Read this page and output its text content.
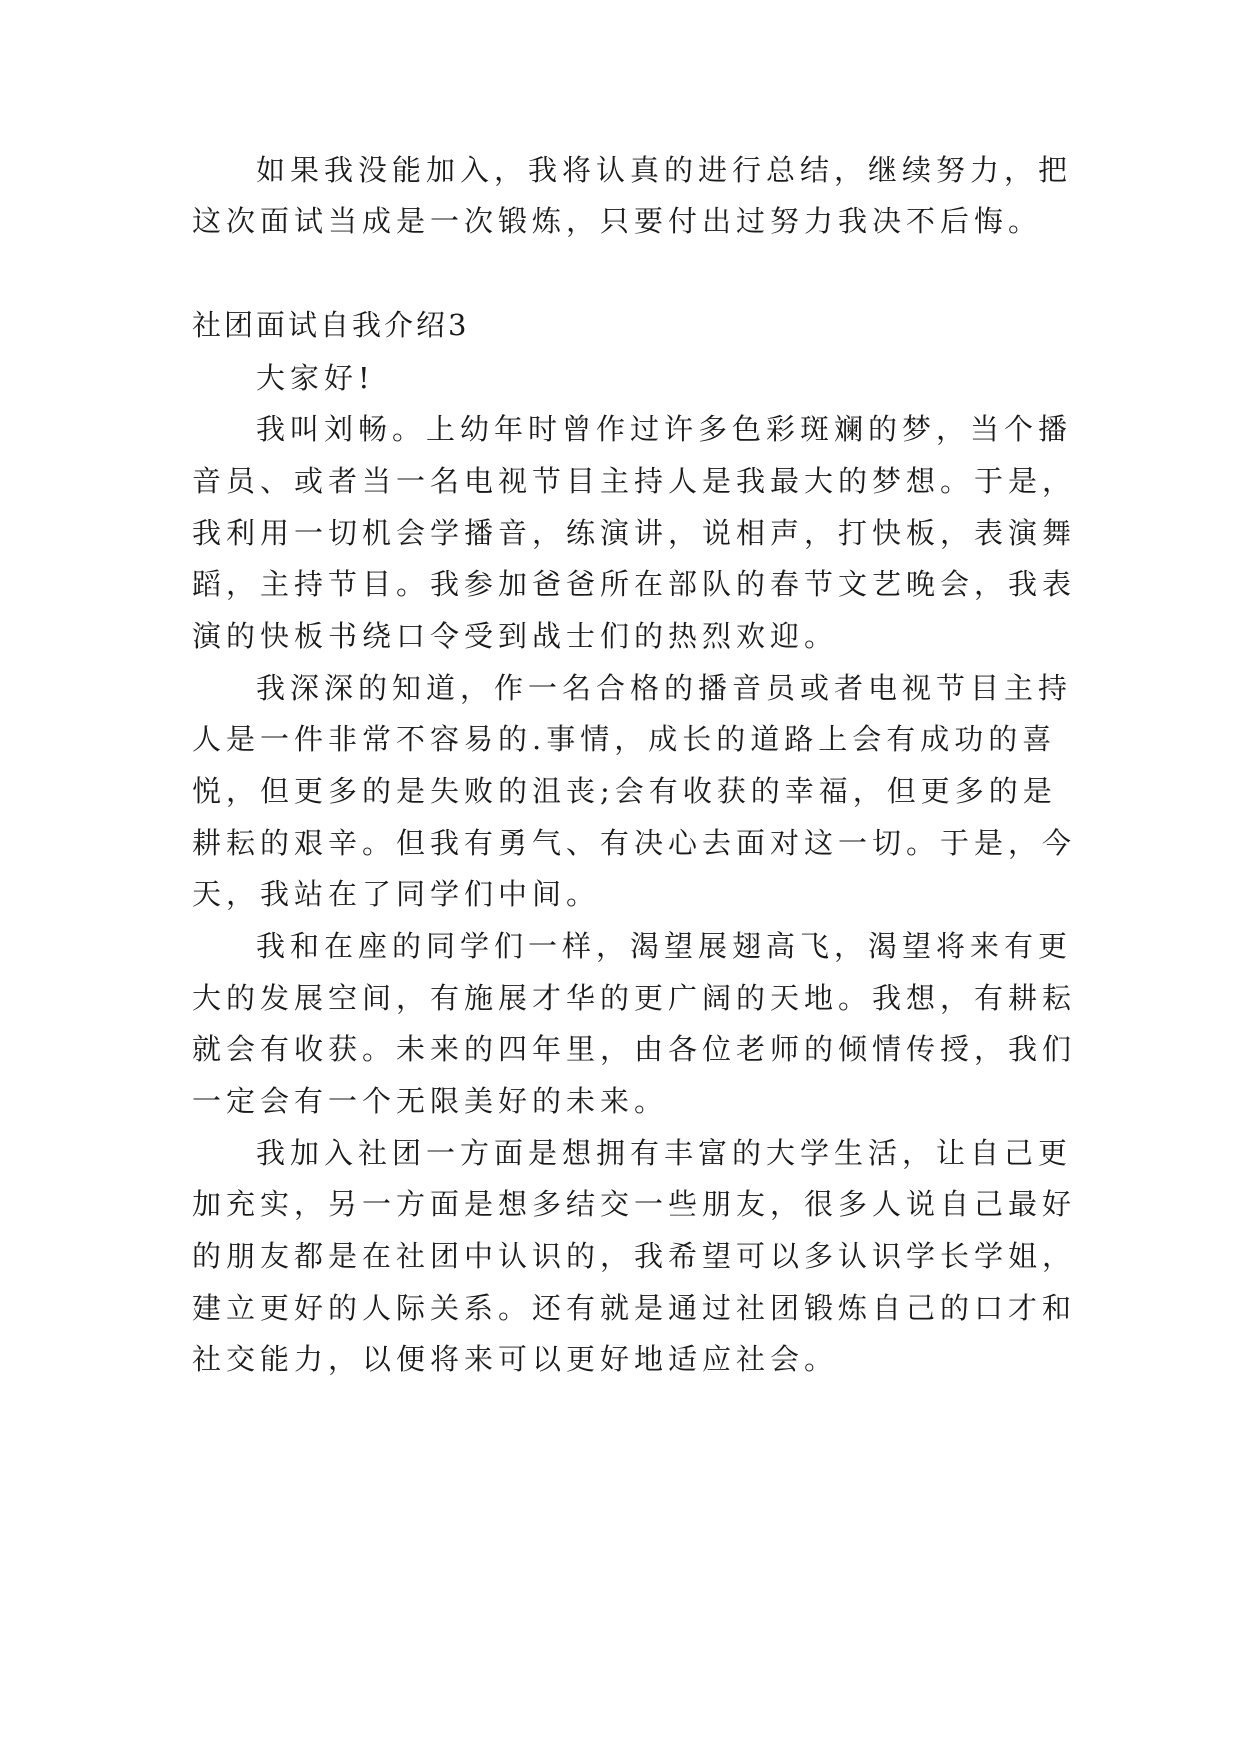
如果我没能加入，我将认真的进行总结，继续努力，把
这次面试当成是一次锻炼，只要付出过努力我决不后悔。
社团面试自我介绍3
大家好!
我叫刘畅。上幼年时曾作过许多色彩斑斓的梦，当个播
音员、或者当一名电视节目主持人是我最大的梦想。于是，
我利用一切机会学播音，练演讲，说相声，打快板，表演舞
蹈，主持节目。我参加爸爸所在部队的春节文艺晚会，我表
演的快板书绕口令受到战士们的热烈欢迎。
我深深的知道，作一名合格的播音员或者电视节目主持
人是一件非常不容易的.事情，成长的道路上会有成功的喜
悦，但更多的是失败的沮丧;会有收获的幸福，但更多的是
耕耘的艰辛。但我有勇气、有决心去面对这一切。于是，今
天，我站在了同学们中间。
我和在座的同学们一样，渴望展翅高飞，渴望将来有更
大的发展空间，有施展才华的更广阔的天地。我想，有耕耘
就会有收获。未来的四年里，由各位老师的倾情传授，我们
一定会有一个无限美好的未来。
我加入社团一方面是想拥有丰富的大学生活，让自己更
加充实，另一方面是想多结交一些朋友，很多人说自己最好
的朋友都是在社团中认识的，我希望可以多认识学长学姐，
建立更好的人际关系。还有就是通过社团锻炼自己的口才和
社交能力，以便将来可以更好地适应社会。
